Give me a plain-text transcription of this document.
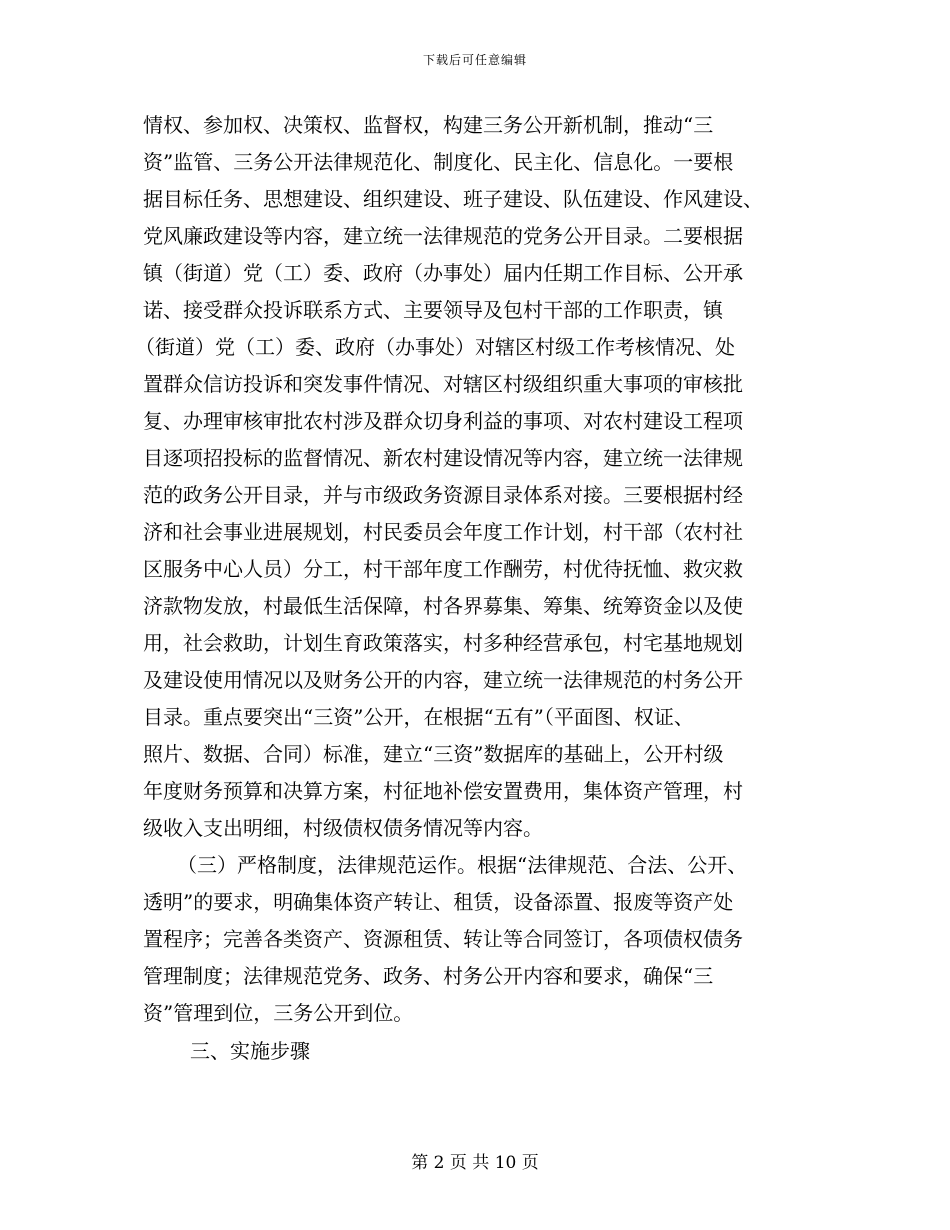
下载后可任意编辑
情权、参加权、决策权、监督权，构建三务公开新机制，推动“三
资”监管、三务公开法律规范化、制度化、民主化、信息化。一要根
据目标任务、思想建设、组织建设、班子建设、队伍建设、作风建设、
党风廉政建设等内容，建立统一法律规范的党务公开目录。二要根据
镇（街道）党（工）委、政府（办事处）届内任期工作目标、公开承
诺、接受群众投诉联系方式、主要领导及包村干部的工作职责，镇
（街道）党（工）委、政府（办事处）对辖区村级工作考核情况、处
置群众信访投诉和突发事件情况、对辖区村级组织重大事项的审核批
复、办理审核审批农村涉及群众切身利益的事项、对农村建设工程项
目逐项招投标的监督情况、新农村建设情况等内容，建立统一法律规
范的政务公开目录，并与市级政务资源目录体系对接。三要根据村经
济和社会事业进展规划，村民委员会年度工作计划，村干部（农村社
区服务中心人员）分工，村干部年度工作酬劳，村优待抚恤、救灾救
济款物发放，村最低生活保障，村各界募集、筹集、统筹资金以及使
用，社会救助，计划生育政策落实，村多种经营承包，村宅基地规划
及建设使用情况以及财务公开的内容，建立统一法律规范的村务公开
目录。重点要突出“三资”公开，在根据“五有”（平面图、权证、
照片、数据、合同）标准，建立“三资”数据库的基础上，公开村级
年度财务预算和决算方案，村征地补偿安置费用，集体资产管理，村
级收入支出明细，村级债权债务情况等内容。
（三）严格制度，法律规范运作。根据“法律规范、合法、公开、
透明”的要求，明确集体资产转让、租赁，设备添置、报废等资产处
置程序；完善各类资产、资源租赁、转让等合同签订，各项债权债务
管理制度；法律规范党务、政务、村务公开内容和要求，确保“三
资”管理到位，三务公开到位。
三、实施步骤
第 2 页 共 10 页
